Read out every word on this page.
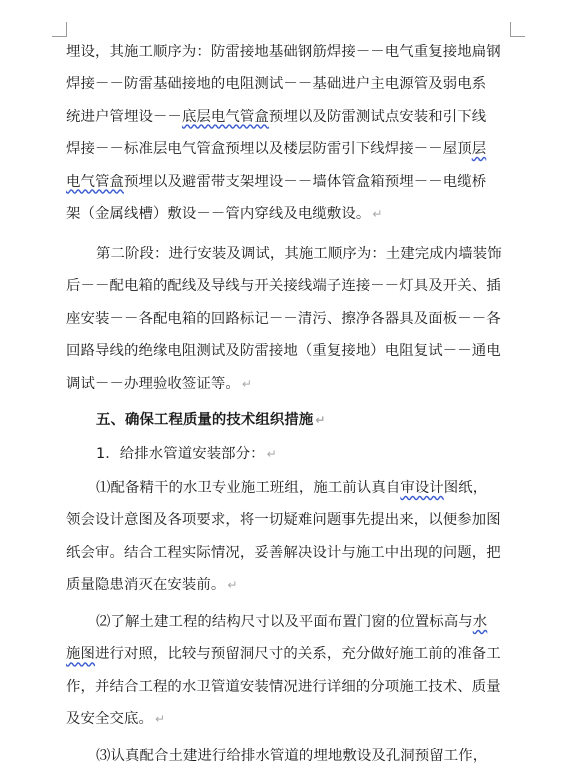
埋设，其施工顺序为：防雷接地基础钢筋焊接－－电气重复接地扁钢
焊接－－防雷基础接地的电阻测试－－基础进户主电源管及弱电系
统进户管埋设－－底层电气管盒预埋以及防雷测试点安装和引下线
焊接－－标准层电气管盒预埋以及楼层防雷引下线焊接－－屋顶层
电气管盒预埋以及避雷带支架埋设－－墙体管盒箱预埋－－电缆桥
架（金属线槽）敷设－－管内穿线及电缆敷设。 ↵
第二阶段：进行安装及调试，其施工顺序为：土建完成内墙装饰
后－－配电箱的配线及导线与开关接线端子连接－－灯具及开关、插
座安装－－各配电箱的回路标记－－清污、擦净各器具及面板－－各
回路导线的绝缘电阻测试及防雷接地（重复接地）电阻复试－－通电
调试－－办理验收签证等。 ↵
五、确保工程质量的技术组织措施 ↵
1．给排水管道安装部分： ↵
⑴配备精干的水卫专业施工班组，施工前认真自审设计图纸，
领会设计意图及各项要求，将一切疑难问题事先提出来，以便参加图
纸会审。结合工程实际情况，妥善解决设计与施工中出现的问题，把
质量隐患消灭在安装前。 ↵
⑵了解土建工程的结构尺寸以及平面布置门窗的位置标高与水
施图进行对照，比较与预留洞尺寸的关系，充分做好施工前的准备工
作，并结合工程的水卫管道安装情况进行详细的分项施工技术、质量
及安全交底。 ↵
⑶认真配合土建进行给排水管道的埋地敷设及孔洞预留工作，
